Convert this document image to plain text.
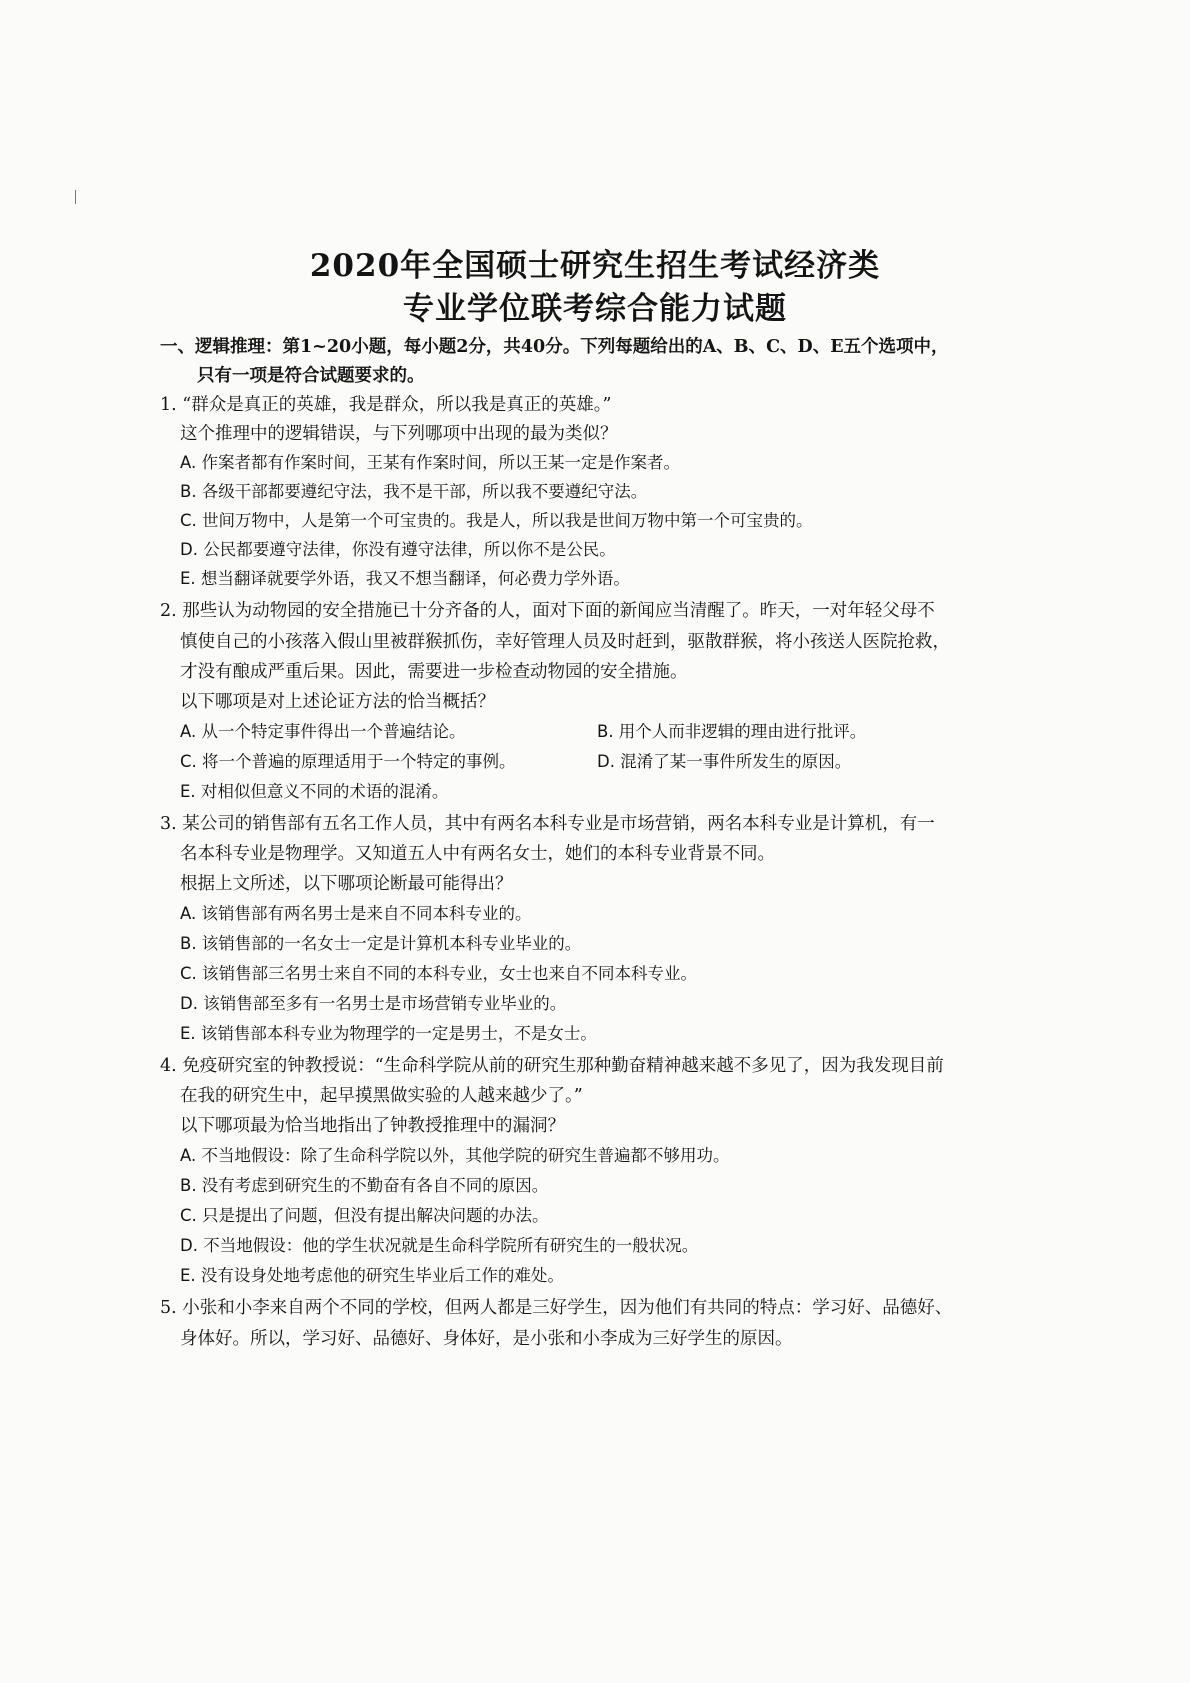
2020年全国硕士研究生招生考试经济类
专业学位联考综合能力试题
一、逻辑推理：第1~20小题，每小题2分，共40分。下列每题给出的A、B、C、D、E五个选项中，
只有一项是符合试题要求的。
1. “群众是真正的英雄，我是群众，所以我是真正的英雄。”
这个推理中的逻辑错误，与下列哪项中出现的最为类似？
A. 作案者都有作案时间，王某有作案时间，所以王某一定是作案者。
B. 各级干部都要遵纪守法，我不是干部，所以我不要遵纪守法。
C. 世间万物中，人是第一个可宝贵的。我是人，所以我是世间万物中第一个可宝贵的。
D. 公民都要遵守法律，你没有遵守法律，所以你不是公民。
E. 想当翻译就要学外语，我又不想当翻译，何必费力学外语。
2. 那些认为动物园的安全措施已十分齐备的人，面对下面的新闻应当清醒了。昨天，一对年轻父母不
慎使自己的小孩落入假山里被群猴抓伤，幸好管理人员及时赶到，驱散群猴，将小孩送人医院抢救，
才没有酿成严重后果。因此，需要进一步检查动物园的安全措施。
以下哪项是对上述论证方法的恰当概括？
A. 从一个特定事件得出一个普遍结论。	B. 用个人而非逻辑的理由进行批评。
C. 将一个普遍的原理适用于一个特定的事例。	D. 混淆了某一事件所发生的原因。
E. 对相似但意义不同的术语的混淆。
3. 某公司的销售部有五名工作人员，其中有两名本科专业是市场营销，两名本科专业是计算机，有一
名本科专业是物理学。又知道五人中有两名女士，她们的本科专业背景不同。
根据上文所述，以下哪项论断最可能得出？
A. 该销售部有两名男士是来自不同本科专业的。
B. 该销售部的一名女士一定是计算机本科专业毕业的。
C. 该销售部三名男士来自不同的本科专业，女士也来自不同本科专业。
D. 该销售部至多有一名男士是市场营销专业毕业的。
E. 该销售部本科专业为物理学的一定是男士，不是女士。
4. 免疫研究室的钟教授说：“生命科学院从前的研究生那种勤奋精神越来越不多见了，因为我发现目前
在我的研究生中，起早摸黑做实验的人越来越少了。”
以下哪项最为恰当地指出了钟教授推理中的漏洞？
A. 不当地假设：除了生命科学院以外，其他学院的研究生普遍都不够用功。
B. 没有考虑到研究生的不勤奋有各自不同的原因。
C. 只是提出了问题，但没有提出解决问题的办法。
D. 不当地假设：他的学生状况就是生命科学院所有研究生的一般状况。
E. 没有设身处地考虑他的研究生毕业后工作的难处。
5. 小张和小李来自两个不同的学校，但两人都是三好学生，因为他们有共同的特点：学习好、品德好、
身体好。所以，学习好、品德好、身体好，是小张和小李成为三好学生的原因。
